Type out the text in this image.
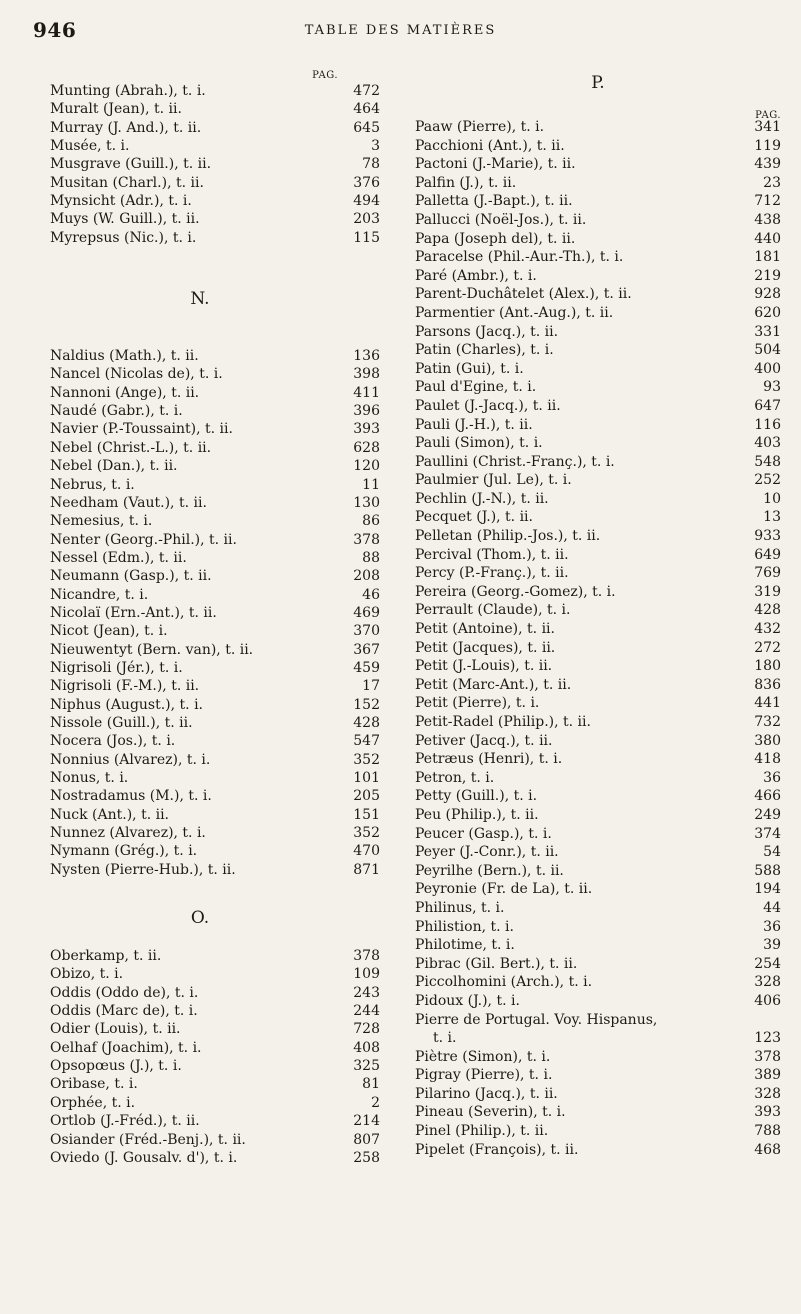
946	TABLE DES MATIÈRES
PAG.
Munting (Abrah.), t. i.	472
Muralt (Jean), t. ii.	464
Murray (J. And.), t. ii.	645
Musée, t. i.	3
Musgrave (Guill.), t. ii.	78
Musitan (Charl.), t. ii.	376
Mynsicht (Adr.), t. i.	494
Muys (W. Guill.), t. ii.	203
Myrepsus (Nic.), t. i.	115
N.
Naldius (Math.), t. ii.	136
Nancel (Nicolas de), t. i.	398
Nannoni (Ange), t. ii.	411
Naudé (Gabr.), t. i.	396
Navier (P.-Toussaint), t. ii.	393
Nebel (Christ.-L.), t. ii.	628
Nebel (Dan.), t. ii.	120
Nebrus, t. i.	11
Needham (Vaut.), t. ii.	130
Nemesius, t. i.	86
Nenter (Georg.-Phil.), t. ii.	378
Nessel (Edm.), t. ii.	88
Neumann (Gasp.), t. ii.	208
Nicandre, t. i.	46
Nicolaï (Ern.-Ant.), t. ii.	469
Nicot (Jean), t. i.	370
Nieuwentyt (Bern. van), t. ii.	367
Nigrisoli (Jér.), t. i.	459
Nigrisoli (F.-M.), t. ii.	17
Niphus (August.), t. i.	152
Nissole (Guill.), t. ii.	428
Nocera (Jos.), t. i.	547
Nonnius (Alvarez), t. i.	352
Nonus, t. i.	101
Nostradamus (M.), t. i.	205
Nuck (Ant.), t. ii.	151
Nunnez (Alvarez), t. i.	352
Nymann (Grég.), t. i.	470
Nysten (Pierre-Hub.), t. ii.	871
O.
Oberkamp, t. ii.	378
Obizo, t. i.	109
Oddis (Oddo de), t. i.	243
Oddis (Marc de), t. i.	244
Odier (Louis), t. ii.	728
Oelhaf (Joachim), t. i.	408
Opsopœus (J.), t. i.	325
Oribase, t. i.	81
Orphée, t. i.	2
Ortlob (J.-Fréd.), t. ii.	214
Osiander (Fréd.-Benj.), t. ii.	807
Oviedo (J. Gousalv. d'), t. i.	258
P.
PAG.
Paaw (Pierre), t. i.	341
Pacchioni (Ant.), t. ii.	119
Pactoni (J.-Marie), t. ii.	439
Palfin (J.), t. ii.	23
Palletta (J.-Bapt.), t. ii.	712
Pallucci (Noël-Jos.), t. ii.	438
Papa (Joseph del), t. ii.	440
Paracelse (Phil.-Aur.-Th.), t. i.	181
Paré (Ambr.), t. i.	219
Parent-Duchâtelet (Alex.), t. ii.	928
Parmentier (Ant.-Aug.), t. ii.	620
Parsons (Jacq.), t. ii.	331
Patin (Charles), t. i.	504
Patin (Gui), t. i.	400
Paul d'Egine, t. i.	93
Paulet (J.-Jacq.), t. ii.	647
Pauli (J.-H.), t. ii.	116
Pauli (Simon), t. i.	403
Paullini (Christ.-Franç.), t. i.	548
Paulmier (Jul. Le), t. i.	252
Pechlin (J.-N.), t. ii.	10
Pecquet (J.), t. ii.	13
Pelletan (Philip.-Jos.), t. ii.	933
Percival (Thom.), t. ii.	649
Percy (P.-Franç.), t. ii.	769
Pereira (Georg.-Gomez), t. i.	319
Perrault (Claude), t. i.	428
Petit (Antoine), t. ii.	432
Petit (Jacques), t. ii.	272
Petit (J.-Louis), t. ii.	180
Petit (Marc-Ant.), t. ii.	836
Petit (Pierre), t. i.	441
Petit-Radel (Philip.), t. ii.	732
Petiver (Jacq.), t. ii.	380
Petræus (Henri), t. i.	418
Petron, t. i.	36
Petty (Guill.), t. i.	466
Peu (Philip.), t. ii.	249
Peucer (Gasp.), t. i.	374
Peyer (J.-Conr.), t. ii.	54
Peyrilhe (Bern.), t. ii.	588
Peyronie (Fr. de La), t. ii.	194
Philinus, t. i.	44
Philistion, t. i.	36
Philotime, t. i.	39
Pibrac (Gil. Bert.), t. ii.	254
Piccolhomini (Arch.), t. i.	328
Pidoux (J.), t. i.	406
Pierre de Portugal. Voy. Hispanus,
t. i.	123
Piètre (Simon), t. i.	378
Pigray (Pierre), t. i.	389
Pilarino (Jacq.), t. ii.	328
Pineau (Severin), t. i.	393
Pinel (Philip.), t. ii.	788
Pipelet (François), t. ii.	468
